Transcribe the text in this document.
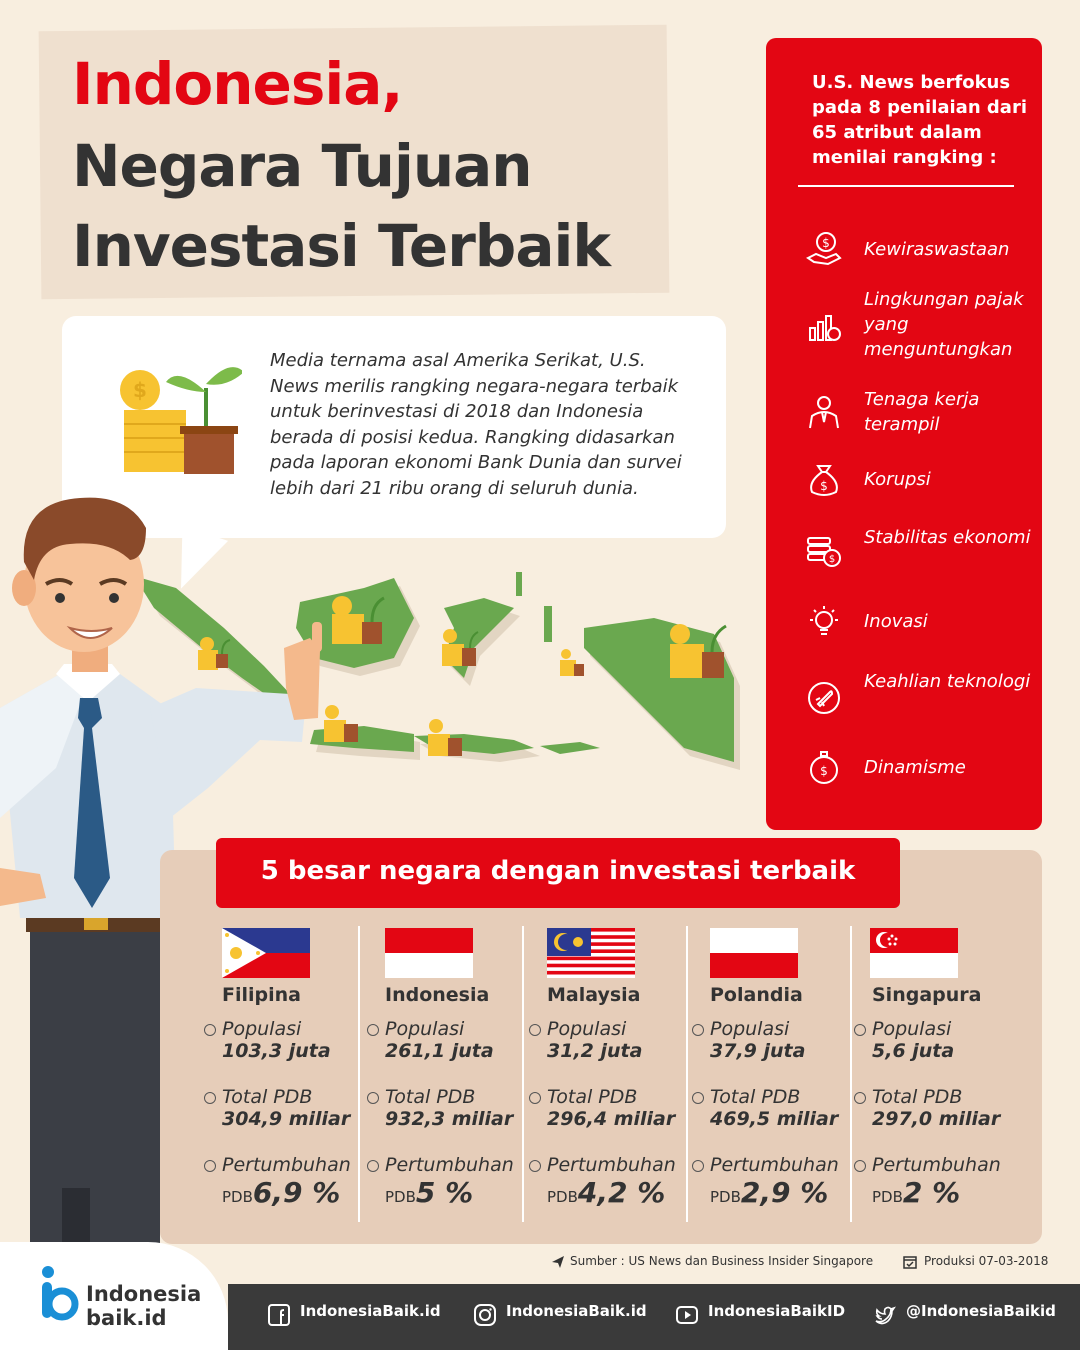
Indonesia,
Negara Tujuan
Investasi Terbaik
$
Media ternama asal Amerika Serikat, U.S. News merilis rangking negara-negara terbaik untuk berinvestasi di 2018 dan Indonesia berada di posisi kedua. Rangking didasarkan pada laporan ekonomi Bank Dunia dan survei lebih dari 21 ribu orang di seluruh dunia.
U.S. News berfokus pada 8 penilaian dari 65 atribut dalam menilai rangking :
$ Kewiraswastaan
Lingkungan pajak yang menguntungkan
Tenaga kerja terampil
$ Korupsi
$
Stabilitas ekonomi
Inovasi
Keahlian teknologi
$ Dinamisme
5 besar negara dengan investasi terbaik
Filipina
Populasi
103,3 juta
Total PDB
304,9 miliar
Pertumbuhan
PDB6,9 %
Indonesia
Populasi
261,1 juta
Total PDB
932,3 miliar
Pertumbuhan
PDB5 %
Malaysia
Populasi
31,2 juta
Total PDB
296,4 miliar
Pertumbuhan
PDB4,2 %
Polandia
Populasi
37,9 juta
Total PDB
469,5 miliar
Pertumbuhan
PDB2,9 %
Singapura
Populasi
5,6 juta
Total PDB
297,0 miliar
Pertumbuhan
PDB2 %
Sumber : US News dan Business Insider Singapore	Produksi 07-03-2018
Indonesia
baik.id	IndonesiaBaik.id	IndonesiaBaik.id	IndonesiaBaikID	@IndonesiaBaikid
